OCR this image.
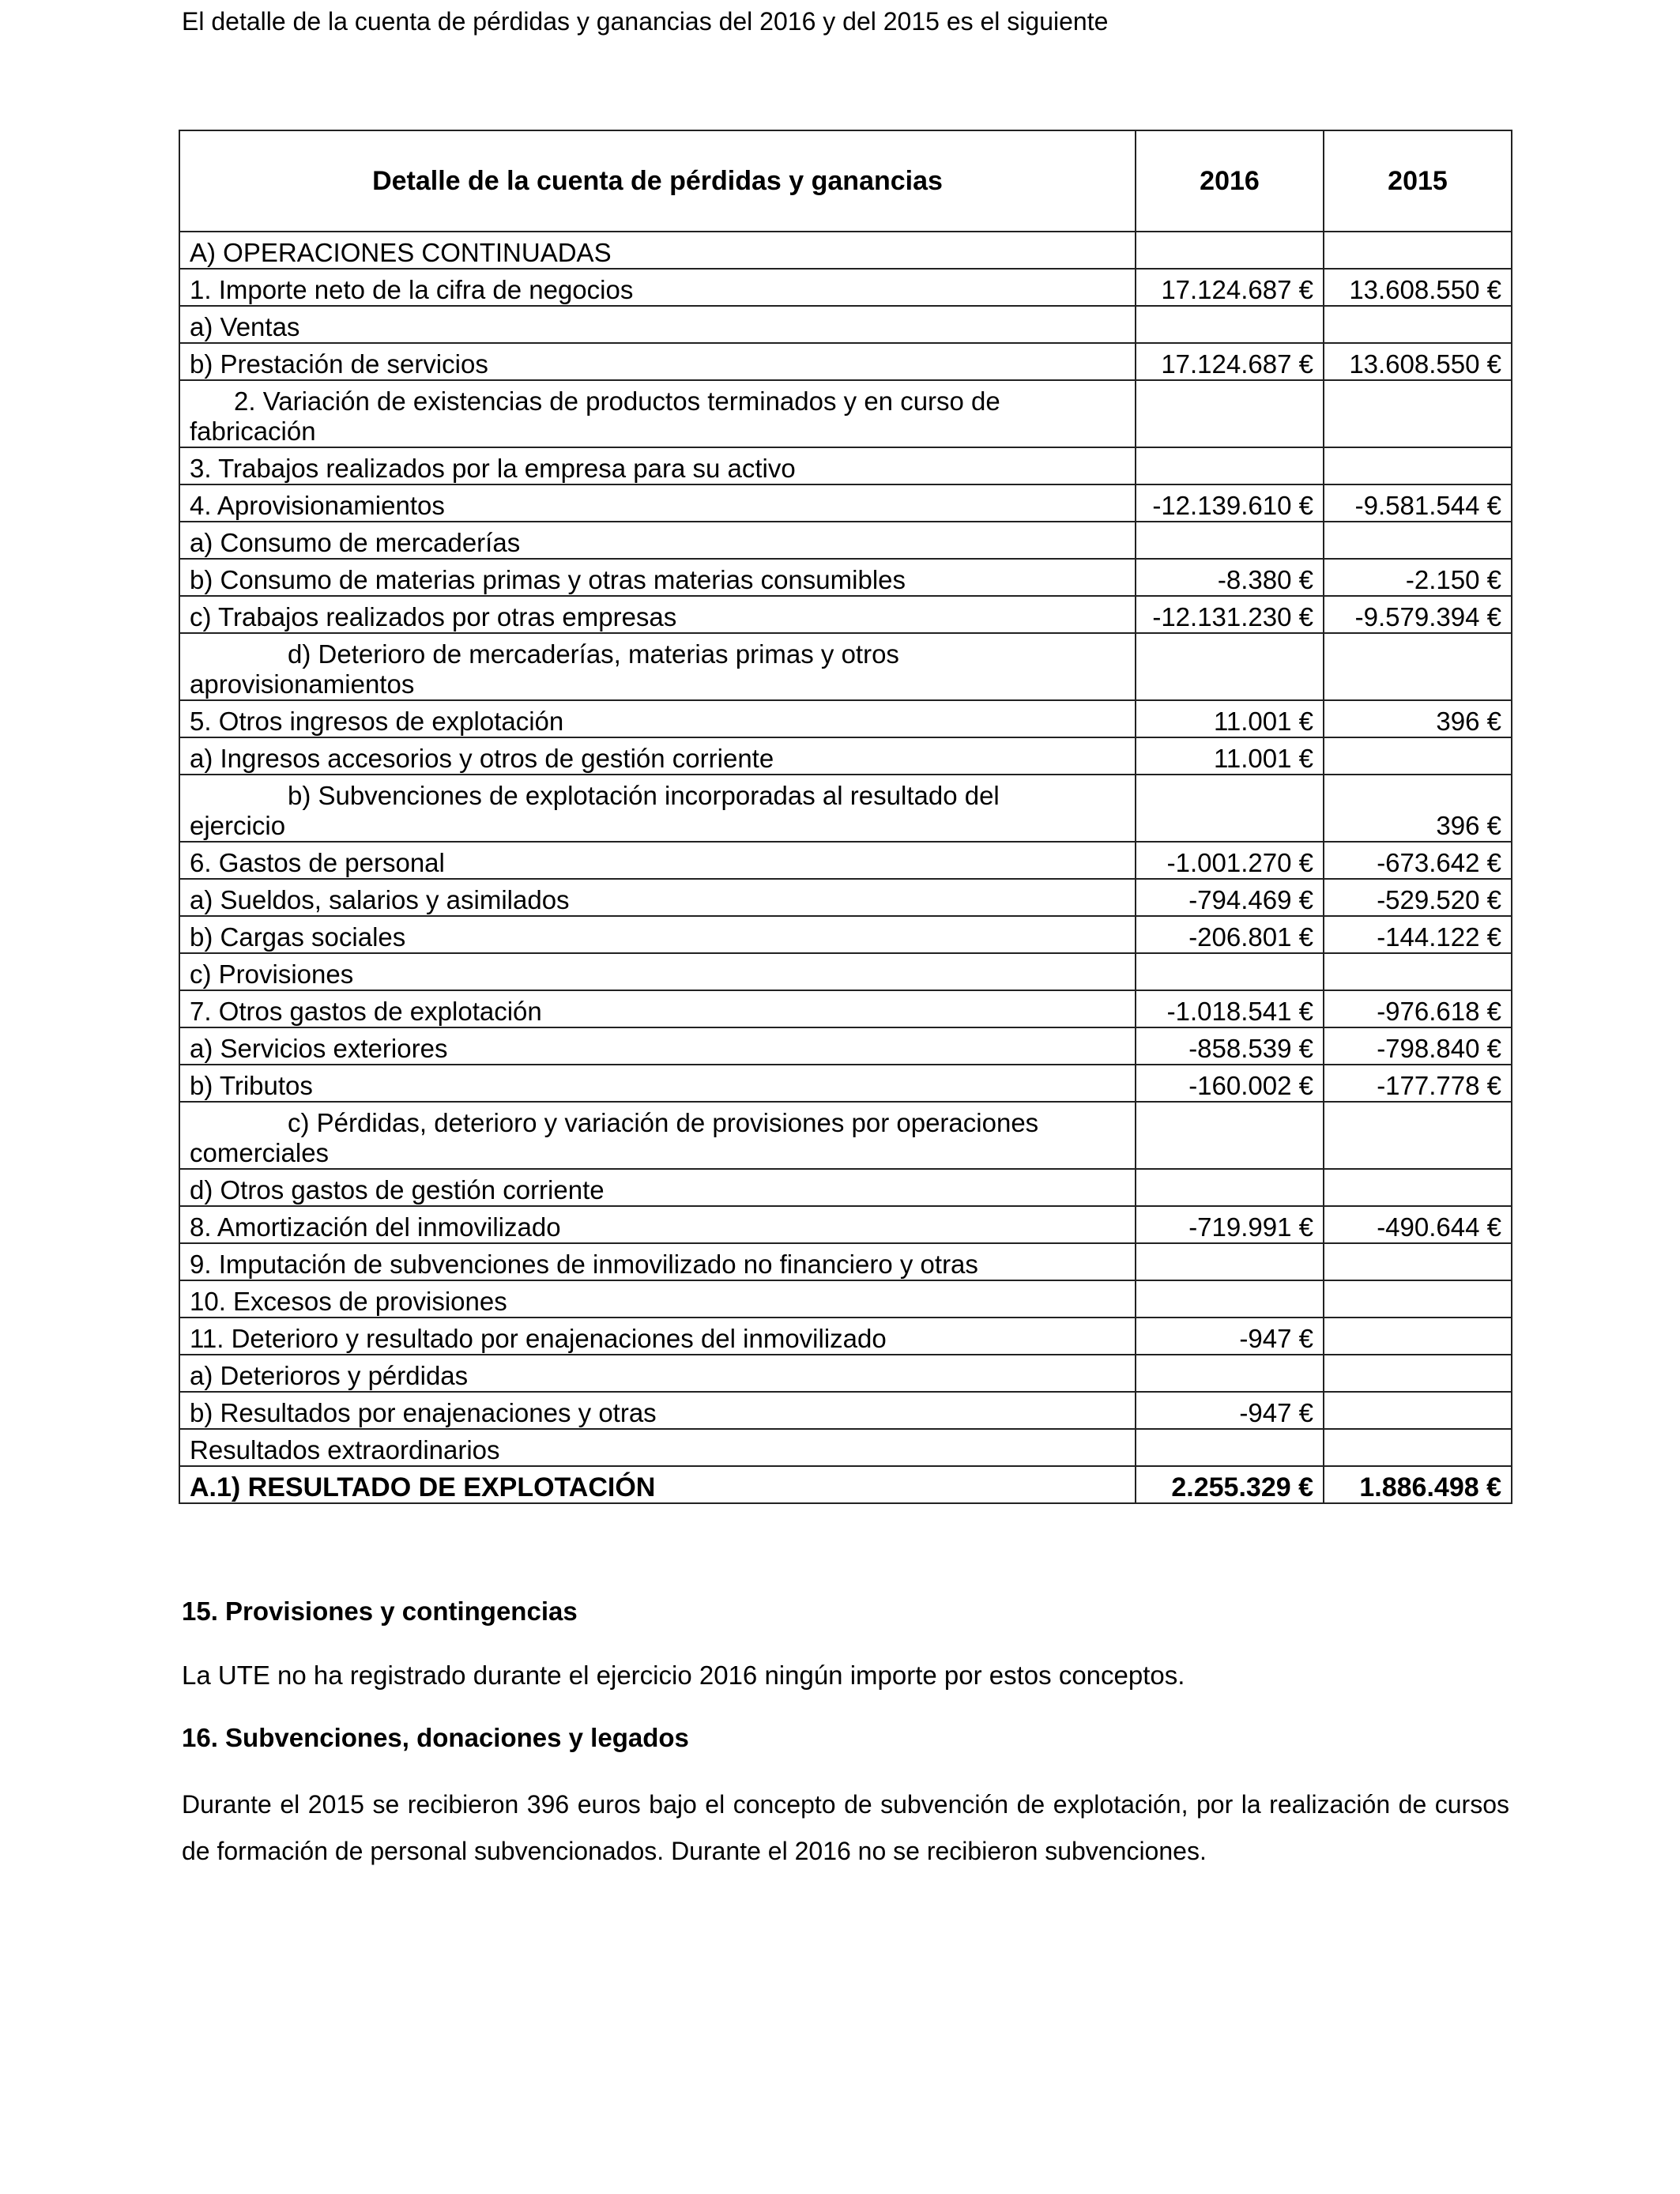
El detalle de la cuenta de pérdidas y ganancias del 2016 y del 2015 es el siguiente
Detalle de la cuenta de pérdidas y ganancias	2016	2015
A) OPERACIONES CONTINUADAS		
1. Importe neto de la cifra de negocios	17.124.687 €	13.608.550 €
a) Ventas		
b) Prestación de servicios	17.124.687 €	13.608.550 €

2. Variación de existencias de productos terminados y en curso de
fabricación		

3. Trabajos realizados por la empresa para su activo		
4. Aprovisionamientos	-12.139.610 €	-9.581.544 €
a) Consumo de mercaderías		
b) Consumo de materias primas y otras materias consumibles	-8.380 €	-2.150 €
c) Trabajos realizados por otras empresas	-12.131.230 €	-9.579.394 €

d) Deterioro de mercaderías, materias primas y otros
aprovisionamientos		

5. Otros ingresos de explotación	11.001 €	396 €
a) Ingresos accesorios y otros de gestión corriente	11.001 €	

b) Subvenciones de explotación incorporadas al resultado del
ejercicio		396 €
6. Gastos de personal	-1.001.270 €	-673.642 €
a) Sueldos, salarios y asimilados	-794.469 €	-529.520 €
b) Cargas sociales	-206.801 €	-144.122 €
c) Provisiones		
7. Otros gastos de explotación	-1.018.541 €	-976.618 €
a) Servicios exteriores	-858.539 €	-798.840 €
b) Tributos	-160.002 €	-177.778 €

c) Pérdidas, deterioro y variación de provisiones por operaciones
comerciales		

d) Otros gastos de gestión corriente		
8. Amortización del inmovilizado	-719.991 €	-490.644 €
9. Imputación de subvenciones de inmovilizado no financiero y otras		
10. Excesos de provisiones		
11. Deterioro y resultado por enajenaciones del inmovilizado	-947 €	
a) Deterioros y pérdidas		
b) Resultados por enajenaciones y otras	-947 €	
Resultados extraordinarios		
A.1) RESULTADO DE EXPLOTACIÓN	2.255.329 €	1.886.498 €
15. Provisiones y contingencias
La UTE no ha registrado durante el ejercicio 2016 ningún importe por estos conceptos.
16. Subvenciones, donaciones y legados
Durante el 2015 se recibieron 396 euros bajo el concepto de subvención de explotación, por la realización de cursos de formación de personal subvencionados. Durante el 2016 no se recibieron subvenciones.
